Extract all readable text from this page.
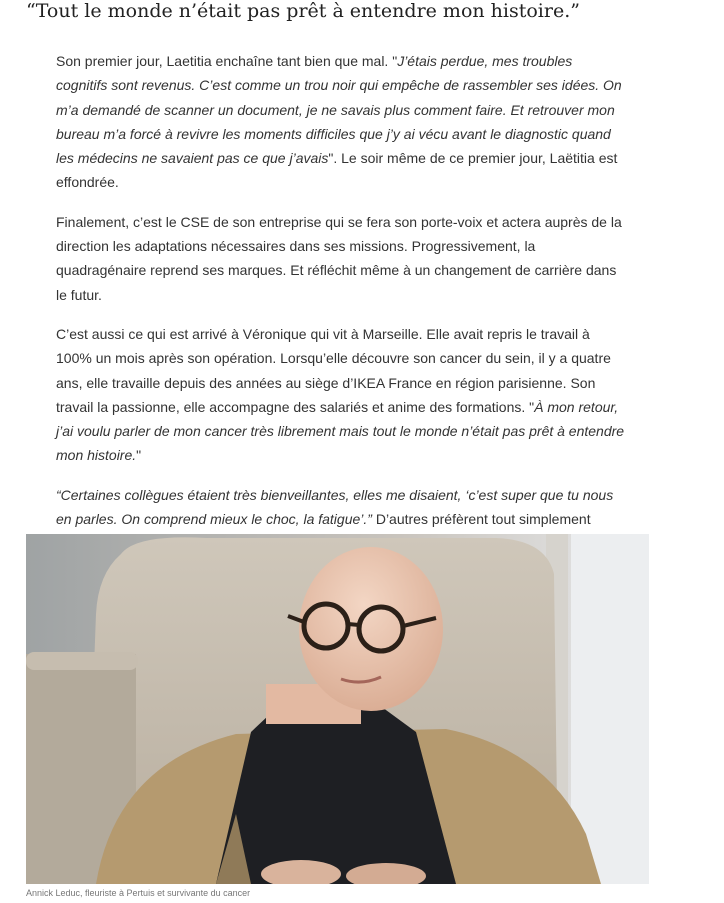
“Tout le monde n’était pas prêt à entendre mon histoire.”

Son premier jour, Laetitia enchaîne tant bien que mal. "J’étais perdue, mes troubles cognitifs sont revenus. C’est comme un trou noir qui empêche de rassembler ses idées. On m’a demandé de scanner un document, je ne savais plus comment faire. Et retrouver mon bureau m’a forcé à revivre les moments difficiles que j’y ai vécu avant le diagnostic quand les médecins ne savaient pas ce que j’avais". Le soir même de ce premier jour, Laëtitia est effondrée.

Finalement, c’est le CSE de son entreprise qui se fera son porte-voix et actera auprès de la direction les adaptations nécessaires dans ses missions. Progressivement, la quadragénaire reprend ses marques. Et réfléchit même à un changement de carrière dans le futur.

C’est aussi ce qui est arrivé à Véronique qui vit à Marseille. Elle avait repris le travail à 100% un mois après son opération. Lorsqu’elle découvre son cancer du sein, il y a quatre ans, elle travaille depuis des années au siège d’IKEA France en région parisienne. Son travail la passionne, elle accompagne des salariés et anime des formations. "À mon retour, j’ai voulu parler de mon cancer très librement mais tout le monde n’était pas prêt à entendre mon histoire."

“Certaines collègues étaient très bienveillantes, elles me disaient, ‘c’est super que tu nous en parles. On comprend mieux le choc, la fatigue’.” D’autres préfèrent tout simplement

Annick Leduc, fleuriste à Pertuis et survivante du cancer
